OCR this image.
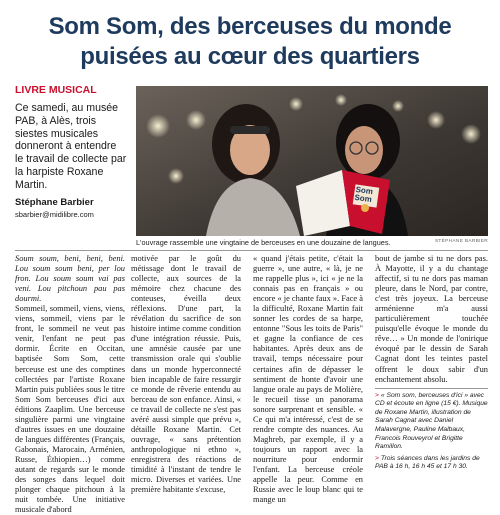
Som Som, des berceuses du monde puisées au cœur des quartiers
LIVRE MUSICAL
Ce samedi, au musée PAB, à Alès, trois siestes musicales donneront à entendre le travail de collecte par la harpiste Roxane Martin.
Stéphane Barbier
sbarbier@midilibre.com
Som
Som
L'ouvrage rassemble une vingtaine de berceuses en une douzaine de langues.	STÉPHANE BARBIER

Soum soum, beni, beni, beni. Lou soum soum beni, per lou fron. Lou soum soum vai pas veni. Lou pitchoun pau pas dourmi.

Sommeil, sommeil, viens, viens, viens, sommeil, viens par le front, le sommeil ne veut pas venir, l'enfant ne peut pas dormir. Écrite en Occitan, baptisée Som Som, cette berceuse est une des comptines collectées par l'artiste Roxane Martin puis publiées sous le titre Som Som berceuses d'ici aux éditions Zaaplim. Une berceuse singulière parmi une vingtaine d'autres issues en une douzaine de langues différentes (Français, Gabonais, Marocain, Arménien, Russe, Éthiopien…) comme autant de regards sur le monde des songes dans lequel doit plonger chaque pitchoun à la nuit tombée. Une initiative musicale d'abord

motivée par le goût du métissage dont le travail de collecte, aux sources de la mémoire chez chacune des conteuses, éveilla deux réflexions. D'une part, la révélation du sacrifice de son histoire intime comme condition d'une intégration réussie. Puis, une amnésie causée par une transmission orale qui s'oublie dans un monde hyperconnecté bien incapable de faire ressurgir ce monde de rêverie entendu au berceau de son enfance. Ainsi, « ce travail de collecte ne s'est pas avéré aussi simple que prévu », détaille Roxane Martin. Cet ouvrage, « sans prétention anthropologique ni ethno », enregistrera des réactions de timidité à l'instant de tendre le micro. Diverses et variées. Une première habitante s'excuse,

« quand j'étais petite, c'était la guerre », une autre, « là, je ne me rappelle plus », ici « je ne la connais pas en français » ou encore « je chante faux ». Face à la difficulté, Roxane Martin fait sonner les cordes de sa harpe, entonne "Sous les toits de Paris" et gagne la confiance de ces habitantes. Après deux ans de travail, temps nécessaire pour certaines afin de dépasser le sentiment de honte d'avoir une langue orale au pays de Molière, le recueil tisse un panorama sonore surprenant et sensible. « Ce qui m'a intéressé, c'est de se rendre compte des nuances. Au Maghreb, par exemple, il y a toujours un rapport avec la nourriture pour endormir l'enfant. La berceuse créole appelle la peur. Comme en Russie avec le loup blanc qui te mange un

bout de jambe si tu ne dors pas. À Mayotte, il y a du chantage affectif, si tu ne dors pas maman pleure, dans le Nord, par contre, c'est très joyeux. La berceuse arménienne m'a aussi particulièrement touchée puisqu'elle évoque le monde du rêve… » Un monde de l'onirique évoqué par le dessin de Sarah Cagnat dont les teintes pastel offrent le doux sabir d'un enchantement absolu.

> « Som som, berceuses d'ici » avec CD et écoute en ligne (15 €). Musique de Roxane Martin, illustration de Sarah Cagnat avec Daniel Malavergne, Pauline Malbaux, Francois Rouveyrol et Brigitte Ramillon.

> Trois séances dans les jardins de PAB à 16 h, 16 h 45 et 17 h 30.
